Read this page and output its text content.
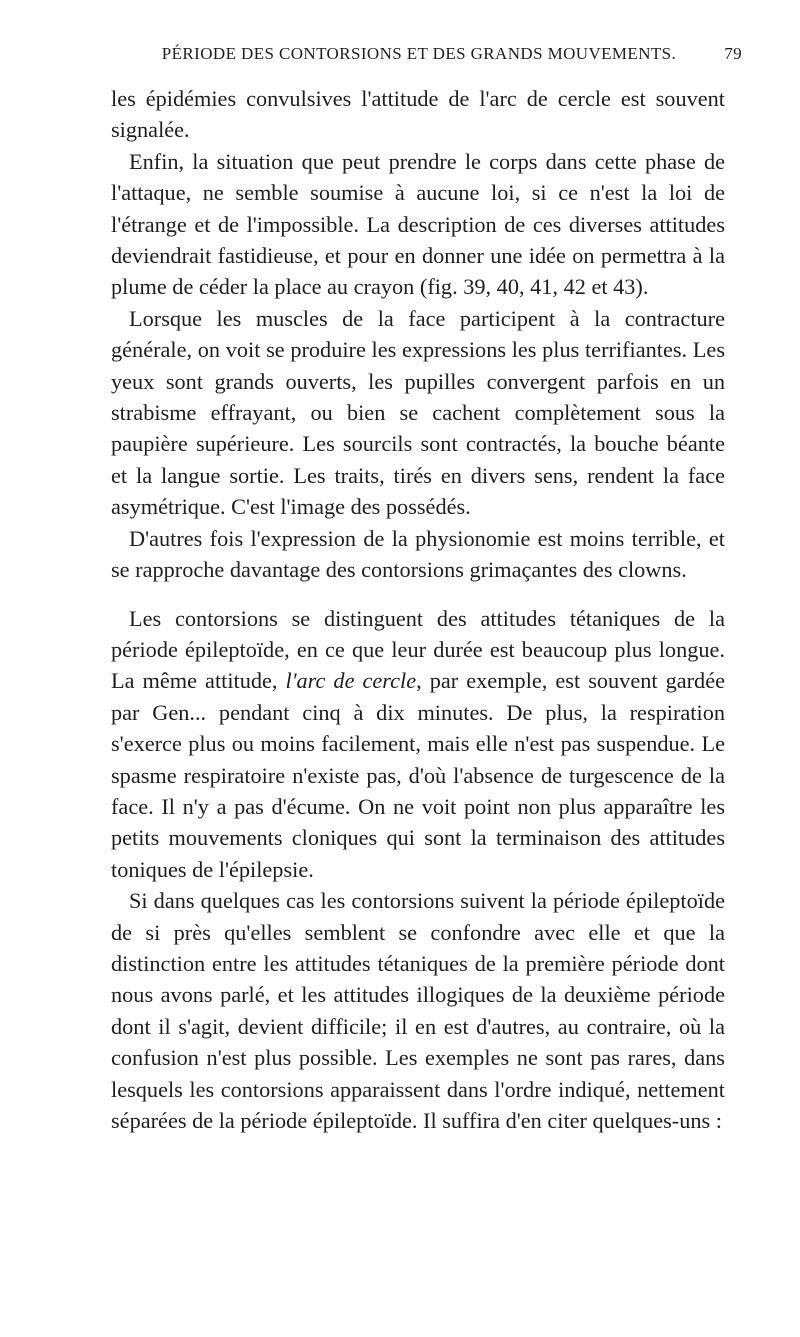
PÉRIODE DES CONTORSIONS ET DES GRANDS MOUVEMENTS.	79

les épidémies convulsives l'attitude de l'arc de cercle est souvent signalée.

Enfin, la situation que peut prendre le corps dans cette phase de l'attaque, ne semble soumise à aucune loi, si ce n'est la loi de l'étrange et de l'impossible. La description de ces diverses attitudes deviendrait fastidieuse, et pour en donner une idée on permettra à la plume de céder la place au crayon (fig. 39, 40, 41, 42 et 43).

Lorsque les muscles de la face participent à la contracture générale, on voit se produire les expressions les plus terrifiantes. Les yeux sont grands ouverts, les pupilles convergent parfois en un strabisme effrayant, ou bien se cachent complètement sous la paupière supérieure. Les sourcils sont contractés, la bouche béante et la langue sortie. Les traits, tirés en divers sens, rendent la face asymétrique. C'est l'image des possédés.

D'autres fois l'expression de la physionomie est moins terrible, et se rapproche davantage des contorsions grimaçantes des clowns.

Les contorsions se distinguent des attitudes tétaniques de la période épileptoïde, en ce que leur durée est beaucoup plus longue. La même attitude, l'arc de cercle, par exemple, est souvent gardée par Gen... pendant cinq à dix minutes. De plus, la respiration s'exerce plus ou moins facilement, mais elle n'est pas suspendue. Le spasme respiratoire n'existe pas, d'où l'absence de turgescence de la face. Il n'y a pas d'écume. On ne voit point non plus apparaître les petits mouvements cloniques qui sont la terminaison des attitudes toniques de l'épilepsie.

Si dans quelques cas les contorsions suivent la période épileptoïde de si près qu'elles semblent se confondre avec elle et que la distinction entre les attitudes tétaniques de la première période dont nous avons parlé, et les attitudes illogiques de la deuxième période dont il s'agit, devient difficile; il en est d'autres, au contraire, où la confusion n'est plus possible. Les exemples ne sont pas rares, dans lesquels les contorsions apparaissent dans l'ordre indiqué, nettement séparées de la période épileptoïde. Il suffira d'en citer quelques-uns :
